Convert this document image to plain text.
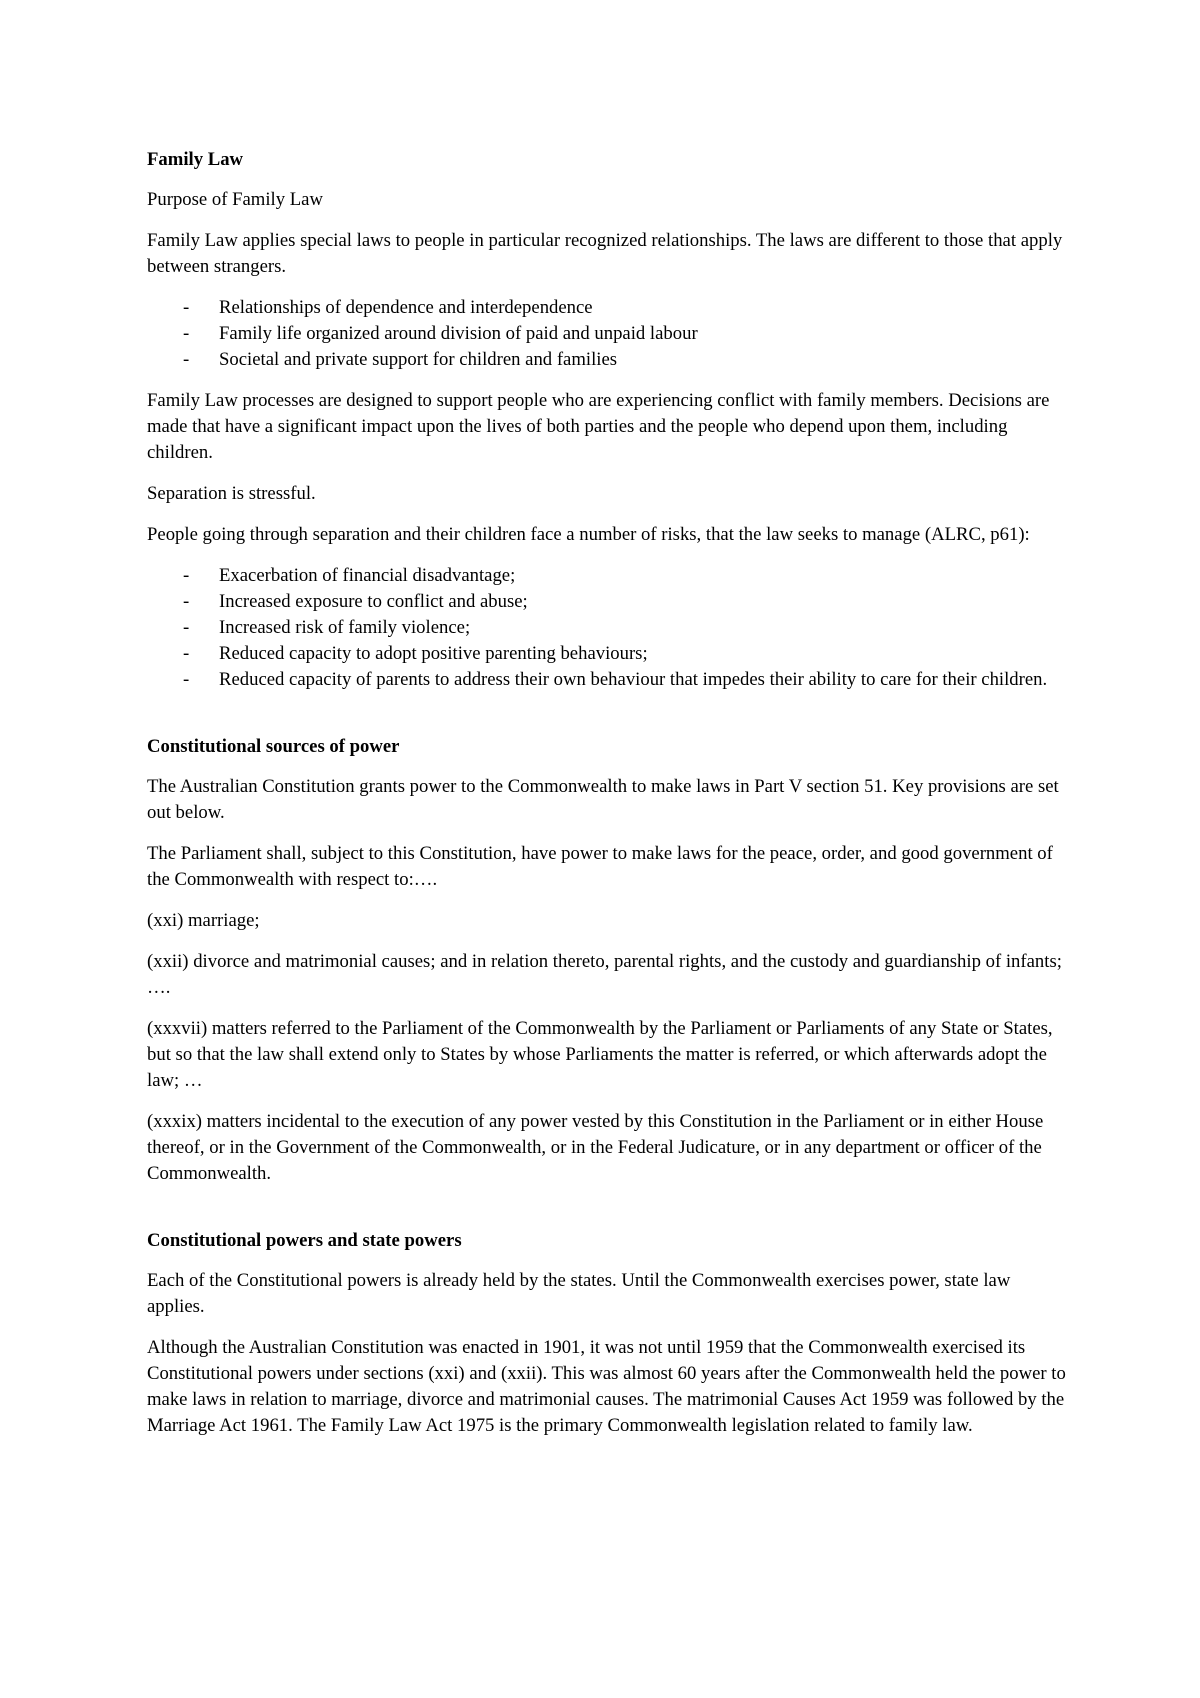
Family Law
Purpose of Family Law
Family Law applies special laws to people in particular recognized relationships. The laws are different to those that apply between strangers.
- Relationships of dependence and interdependence
- Family life organized around division of paid and unpaid labour
- Societal and private support for children and families
Family Law processes are designed to support people who are experiencing conflict with family members. Decisions are made that have a significant impact upon the lives of both parties and the people who depend upon them, including children.
Separation is stressful.
People going through separation and their children face a number of risks, that the law seeks to manage (ALRC, p61):
- Exacerbation of financial disadvantage;
- Increased exposure to conflict and abuse;
- Increased risk of family violence;
- Reduced capacity to adopt positive parenting behaviours;
- Reduced capacity of parents to address their own behaviour that impedes their ability to care for their children.
Constitutional sources of power
The Australian Constitution grants power to the Commonwealth to make laws in Part V section 51. Key provisions are set out below.
The Parliament shall, subject to this Constitution, have power to make laws for the peace, order, and good government of the Commonwealth with respect to:….
(xxi) marriage;
(xxii) divorce and matrimonial causes; and in relation thereto, parental rights, and the custody and guardianship of infants; ….
(xxxvii) matters referred to the Parliament of the Commonwealth by the Parliament or Parliaments of any State or States, but so that the law shall extend only to States by whose Parliaments the matter is referred, or which afterwards adopt the law; …
(xxxix) matters incidental to the execution of any power vested by this Constitution in the Parliament or in either House thereof, or in the Government of the Commonwealth, or in the Federal Judicature, or in any department or officer of the Commonwealth.
Constitutional powers and state powers
Each of the Constitutional powers is already held by the states. Until the Commonwealth exercises power, state law applies.
Although the Australian Constitution was enacted in 1901, it was not until 1959 that the Commonwealth exercised its Constitutional powers under sections (xxi) and (xxii). This was almost 60 years after the Commonwealth held the power to make laws in relation to marriage, divorce and matrimonial causes. The matrimonial Causes Act 1959 was followed by the Marriage Act 1961. The Family Law Act 1975 is the primary Commonwealth legislation related to family law.
